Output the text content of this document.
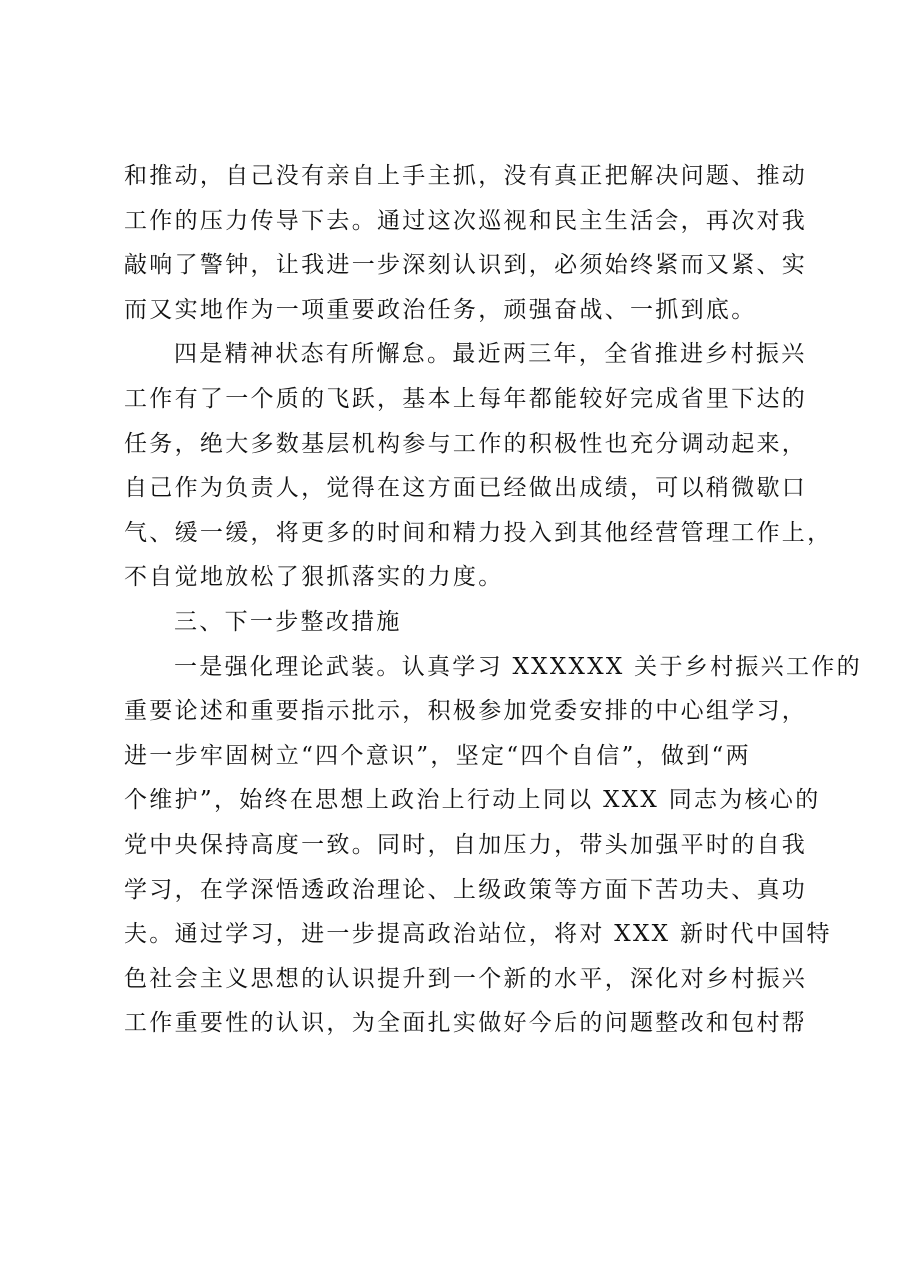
和推动，自己没有亲自上手主抓，没有真正把解决问题、推动
工作的压力传导下去。通过这次巡视和民主生活会，再次对我
敲响了警钟，让我进一步深刻认识到，必须始终紧而又紧、实
而又实地作为一项重要政治任务，顽强奋战、一抓到底。
四是精神状态有所懈怠。最近两三年，全省推进乡村振兴
工作有了一个质的飞跃，基本上每年都能较好完成省里下达的
任务，绝大多数基层机构参与工作的积极性也充分调动起来，
自己作为负责人，觉得在这方面已经做出成绩，可以稍微歇口
气、缓一缓，将更多的时间和精力投入到其他经营管理工作上，
不自觉地放松了狠抓落实的力度。
三、下一步整改措施
一是强化理论武装。认真学习 XXXXXX 关于乡村振兴工作的
重要论述和重要指示批示，积极参加党委安排的中心组学习，
进一步牢固树立“四个意识”，坚定“四个自信”，做到“两
个维护”，始终在思想上政治上行动上同以 XXX 同志为核心的
党中央保持高度一致。同时，自加压力，带头加强平时的自我
学习，在学深悟透政治理论、上级政策等方面下苦功夫、真功
夫。通过学习，进一步提高政治站位，将对 XXX 新时代中国特
色社会主义思想的认识提升到一个新的水平，深化对乡村振兴
工作重要性的认识，为全面扎实做好今后的问题整改和包村帮
